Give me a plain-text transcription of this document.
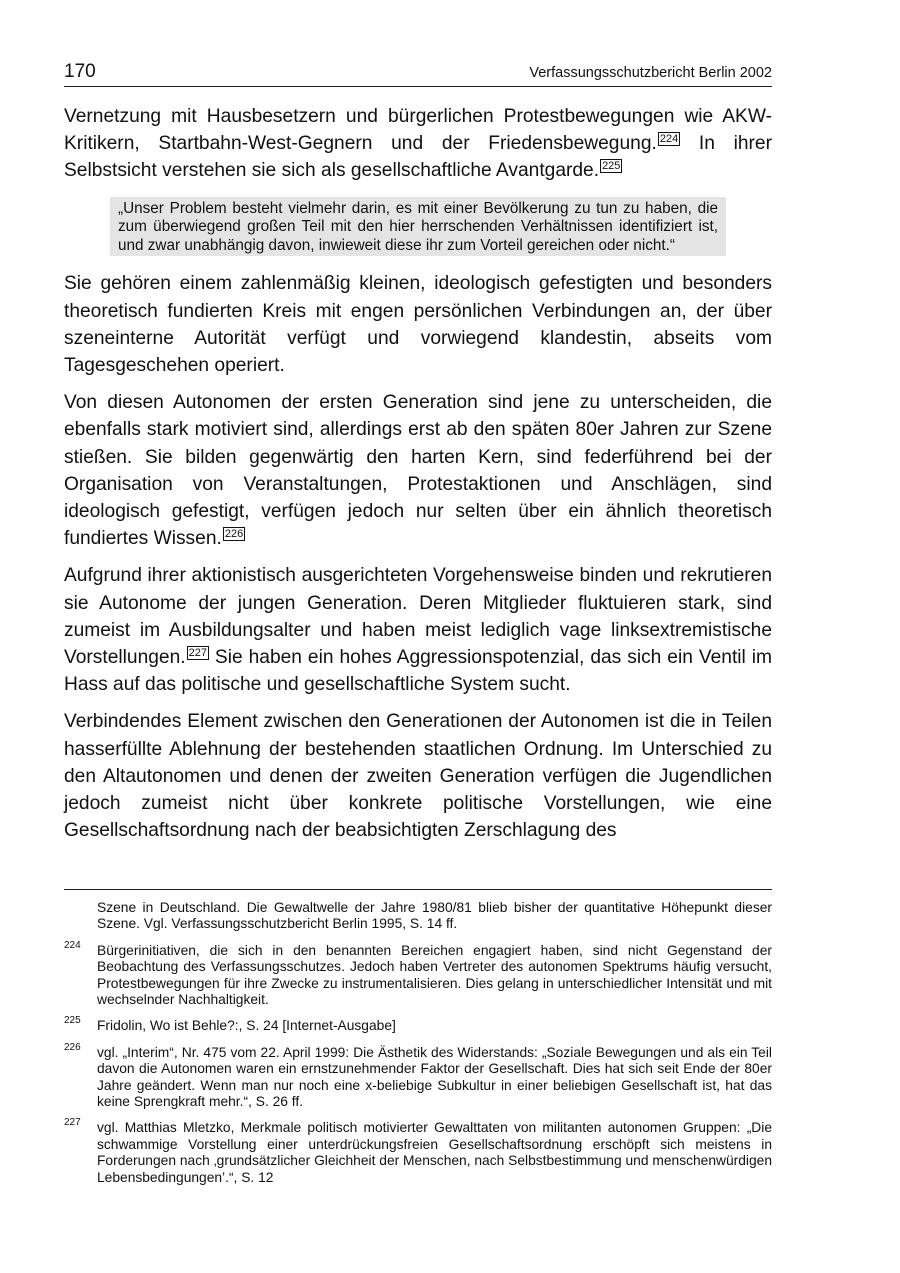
170	Verfassungsschutzbericht Berlin 2002

Vernetzung mit Hausbesetzern und bürgerlichen Protestbewegungen wie AKW-Kritikern, Startbahn-West-Gegnern und der Friedensbewegung. $^{224}$ In ihrer Selbstsicht verstehen sie sich als gesellschaftliche Avantgarde. $^{225}$

„Unser Problem besteht vielmehr darin, es mit einer Bevölkerung zu tun zu haben, die zum überwiegend großen Teil mit den hier herrschenden Verhältnissen identifiziert ist, und zwar unabhängig davon, inwieweit diese ihr zum Vorteil gereichen oder nicht.“

Sie gehören einem zahlenmäßig kleinen, ideologisch gefestigten und besonders theoretisch fundierten Kreis mit engen persönlichen Verbindungen an, der über szeneinterne Autorität verfügt und vorwiegend klandestin, abseits vom Tagesgeschehen operiert.

Von diesen Autonomen der ersten Generation sind jene zu unterscheiden, die ebenfalls stark motiviert sind, allerdings erst ab den späten 80er Jahren zur Szene stießen. Sie bilden gegenwärtig den harten Kern, sind federführend bei der Organisation von Veranstaltungen, Protestaktionen und Anschlägen, sind ideologisch gefestigt, verfügen jedoch nur selten über ein ähnlich theoretisch fundiertes Wissen. $^{226}$

Aufgrund ihrer aktionistisch ausgerichteten Vorgehensweise binden und rekrutieren sie Autonome der jungen Generation. Deren Mitglieder fluktuieren stark, sind zumeist im Ausbildungsalter und haben meist lediglich vage linksextremistische Vorstellungen. $^{227}$ Sie haben ein hohes Aggressionspotenzial, das sich ein Ventil im Hass auf das politische und gesellschaftliche System sucht.

Verbindendes Element zwischen den Generationen der Autonomen ist die in Teilen hasserfüllte Ablehnung der bestehenden staatlichen Ordnung. Im Unterschied zu den Altautonomen und denen der zweiten Generation verfügen die Jugendlichen jedoch zumeist nicht über konkrete politische Vorstellungen, wie eine Gesellschaftsordnung nach der beabsichtigten Zerschlagung des

Szene in Deutschland. Die Gewaltwelle der Jahre 1980/81 blieb bisher der quantitative Höhepunkt dieser Szene. Vgl. Verfassungsschutzbericht Berlin 1995, S. 14 ff.
224 Bürgerinitiativen, die sich in den benannten Bereichen engagiert haben, sind nicht Gegenstand der Beobachtung des Verfassungsschutzes. Jedoch haben Vertreter des autonomen Spektrums häufig versucht, Protestbewegungen für ihre Zwecke zu instrumentalisieren. Dies gelang in unterschiedlicher Intensität und mit wechselnder Nachhaltigkeit.
225 Fridolin, Wo ist Behle?:, S. 24 [Internet-Ausgabe]
226 vgl. „Interim“, Nr. 475 vom 22. April 1999: Die Ästhetik des Widerstands: „Soziale Bewegungen und als ein Teil davon die Autonomen waren ein ernstzunehmender Faktor der Gesellschaft. Dies hat sich seit Ende der 80er Jahre geändert. Wenn man nur noch eine x-beliebige Subkultur in einer beliebigen Gesellschaft ist, hat das keine Sprengkraft mehr.“, S. 26 ff.
227 vgl. Matthias Mletzko, Merkmale politisch motivierter Gewalttaten von militanten autonomen Gruppen: „Die schwammige Vorstellung einer unterdrückungsfreien Gesellschaftsordnung erschöpft sich meistens in Forderungen nach ‚grundsätzlicher Gleichheit der Menschen, nach Selbstbestimmung und menschenwürdigen Lebensbedingungen’.“, S. 12
